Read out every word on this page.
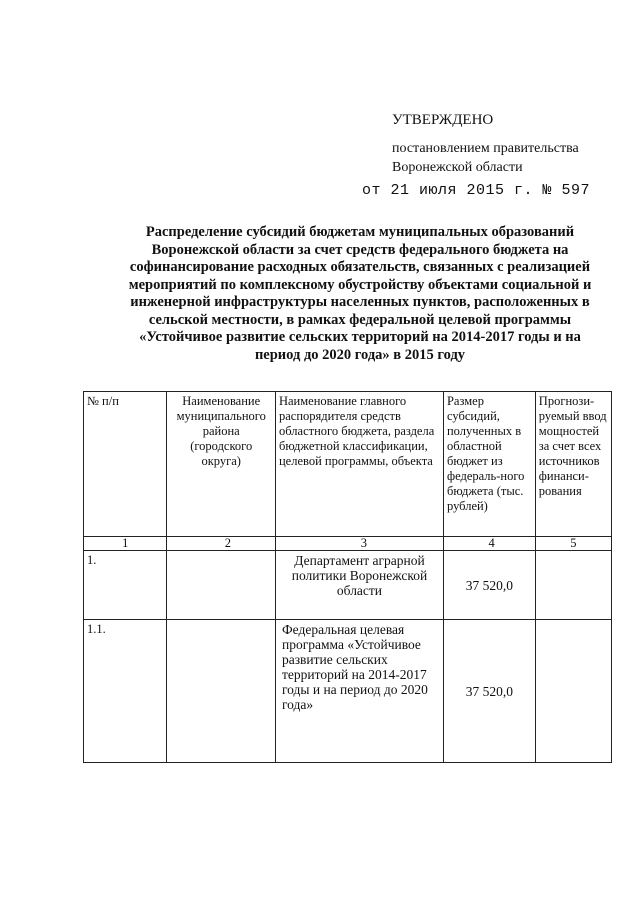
УТВЕРЖДЕНО
постановлением правительства
Воронежской области
от 21 июля 2015 г. № 597
Распределение субсидий бюджетам муниципальных образований
Воронежской области за счет средств федерального бюджета на
софинансирование расходных обязательств, связанных с реализацией
мероприятий по комплексному обустройству объектами социальной и
инженерной инфраструктуры населенных пунктов, расположенных в
сельской местности, в рамках федеральной целевой программы
«Устойчивое развитие сельских территорий на 2014-2017 годы и на
период до 2020 года» в 2015 году
№ п/п	Наименование муниципального района (городского округа)	Наименование главного распорядителя средств областного бюджета, раздела бюджетной классификации, целевой программы, объекта	Размер субсидий, полученных в областной бюджет из федераль-ного бюджета (тыс. рублей)	Прогнози-руемый ввод мощностей за счет всех источников финанси-рования
1	2	3	4	5
1.		Департамент аграрной политики Воронежской области	37 520,0	
1.1.		Федеральная целевая программа «Устойчивое развитие сельских территорий на 2014-2017 годы и на период до 2020 года»	37 520,0	
